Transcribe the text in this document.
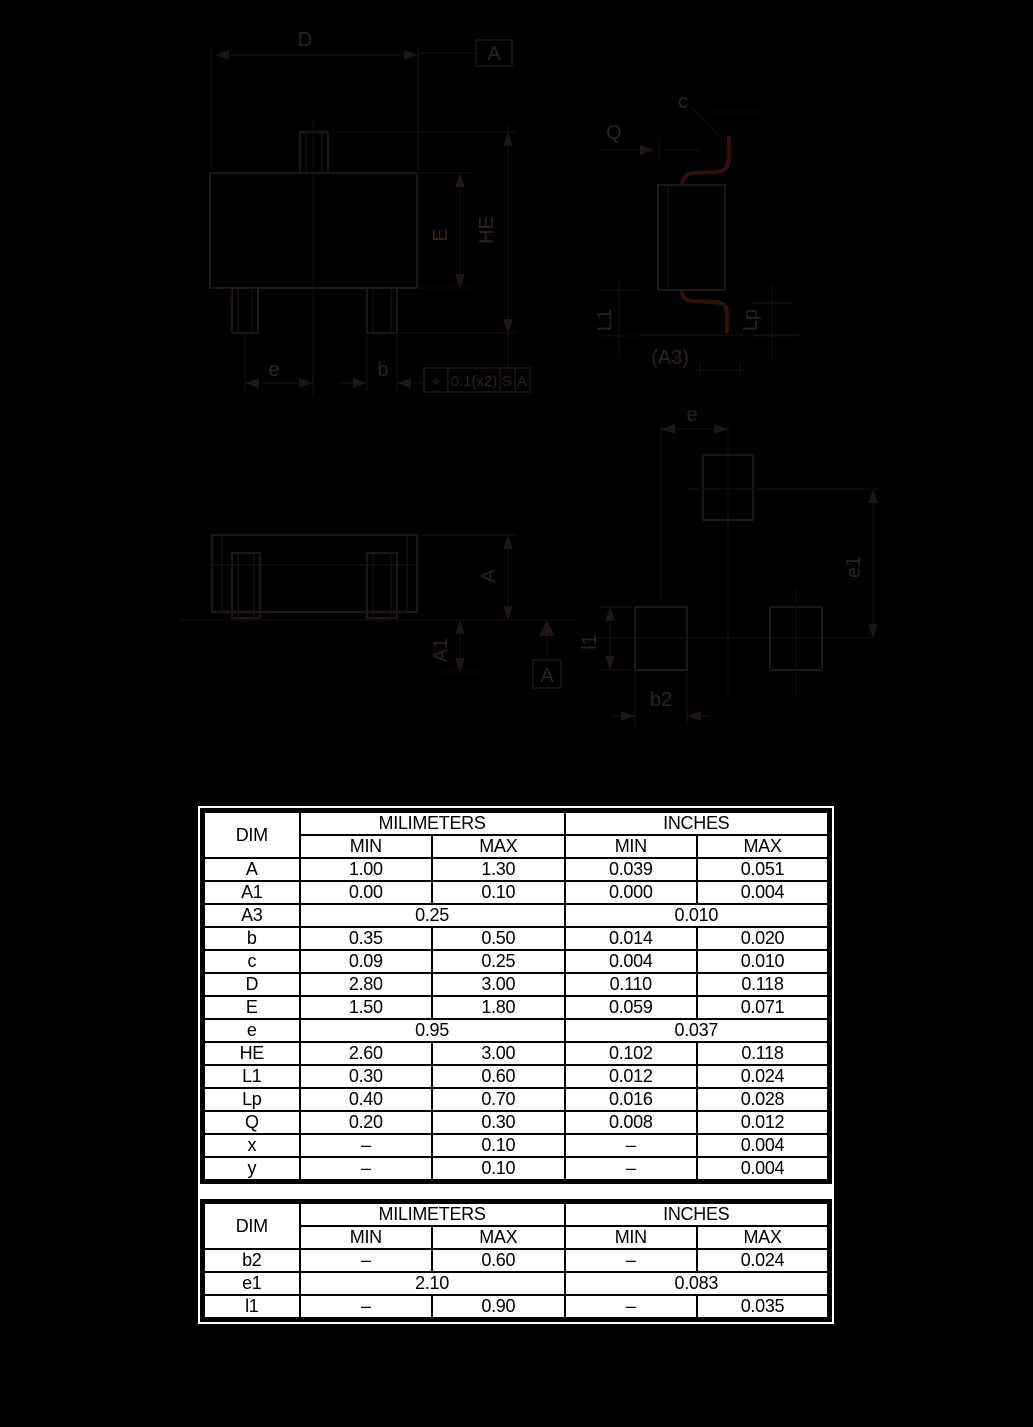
D
A
E HE
e	b
⌖ 0.1(x2) S A
c
Q
L1	Lp
(A3)
A
A1
A
e
e1
l1
b2
DIM	MILIMETERS		INCHES	
	MIN	MAX	MIN	MAX
A	1.00	1.30	0.039	0.051
A1	0.00	0.10	0.000	0.004
A3	0.25		0.010	
b	0.35	0.50	0.014	0.020
c	0.09	0.25	0.004	0.010
D	2.80	3.00	0.110	0.118
E	1.50	1.80	0.059	0.071
e	0.95		0.037	
HE	2.60	3.00	0.102	0.118
L1	0.30	0.60	0.012	0.024
Lp	0.40	0.70	0.016	0.028
Q	0.20	0.30	0.008	0.012
x	–	0.10	–	0.004
y	–	0.10	–	0.004
DIM	MILIMETERS		INCHES	
	MIN	MAX	MIN	MAX
b2	–	0.60	–	0.024
e1	2.10		0.083	
l1	–	0.90	–	0.035
